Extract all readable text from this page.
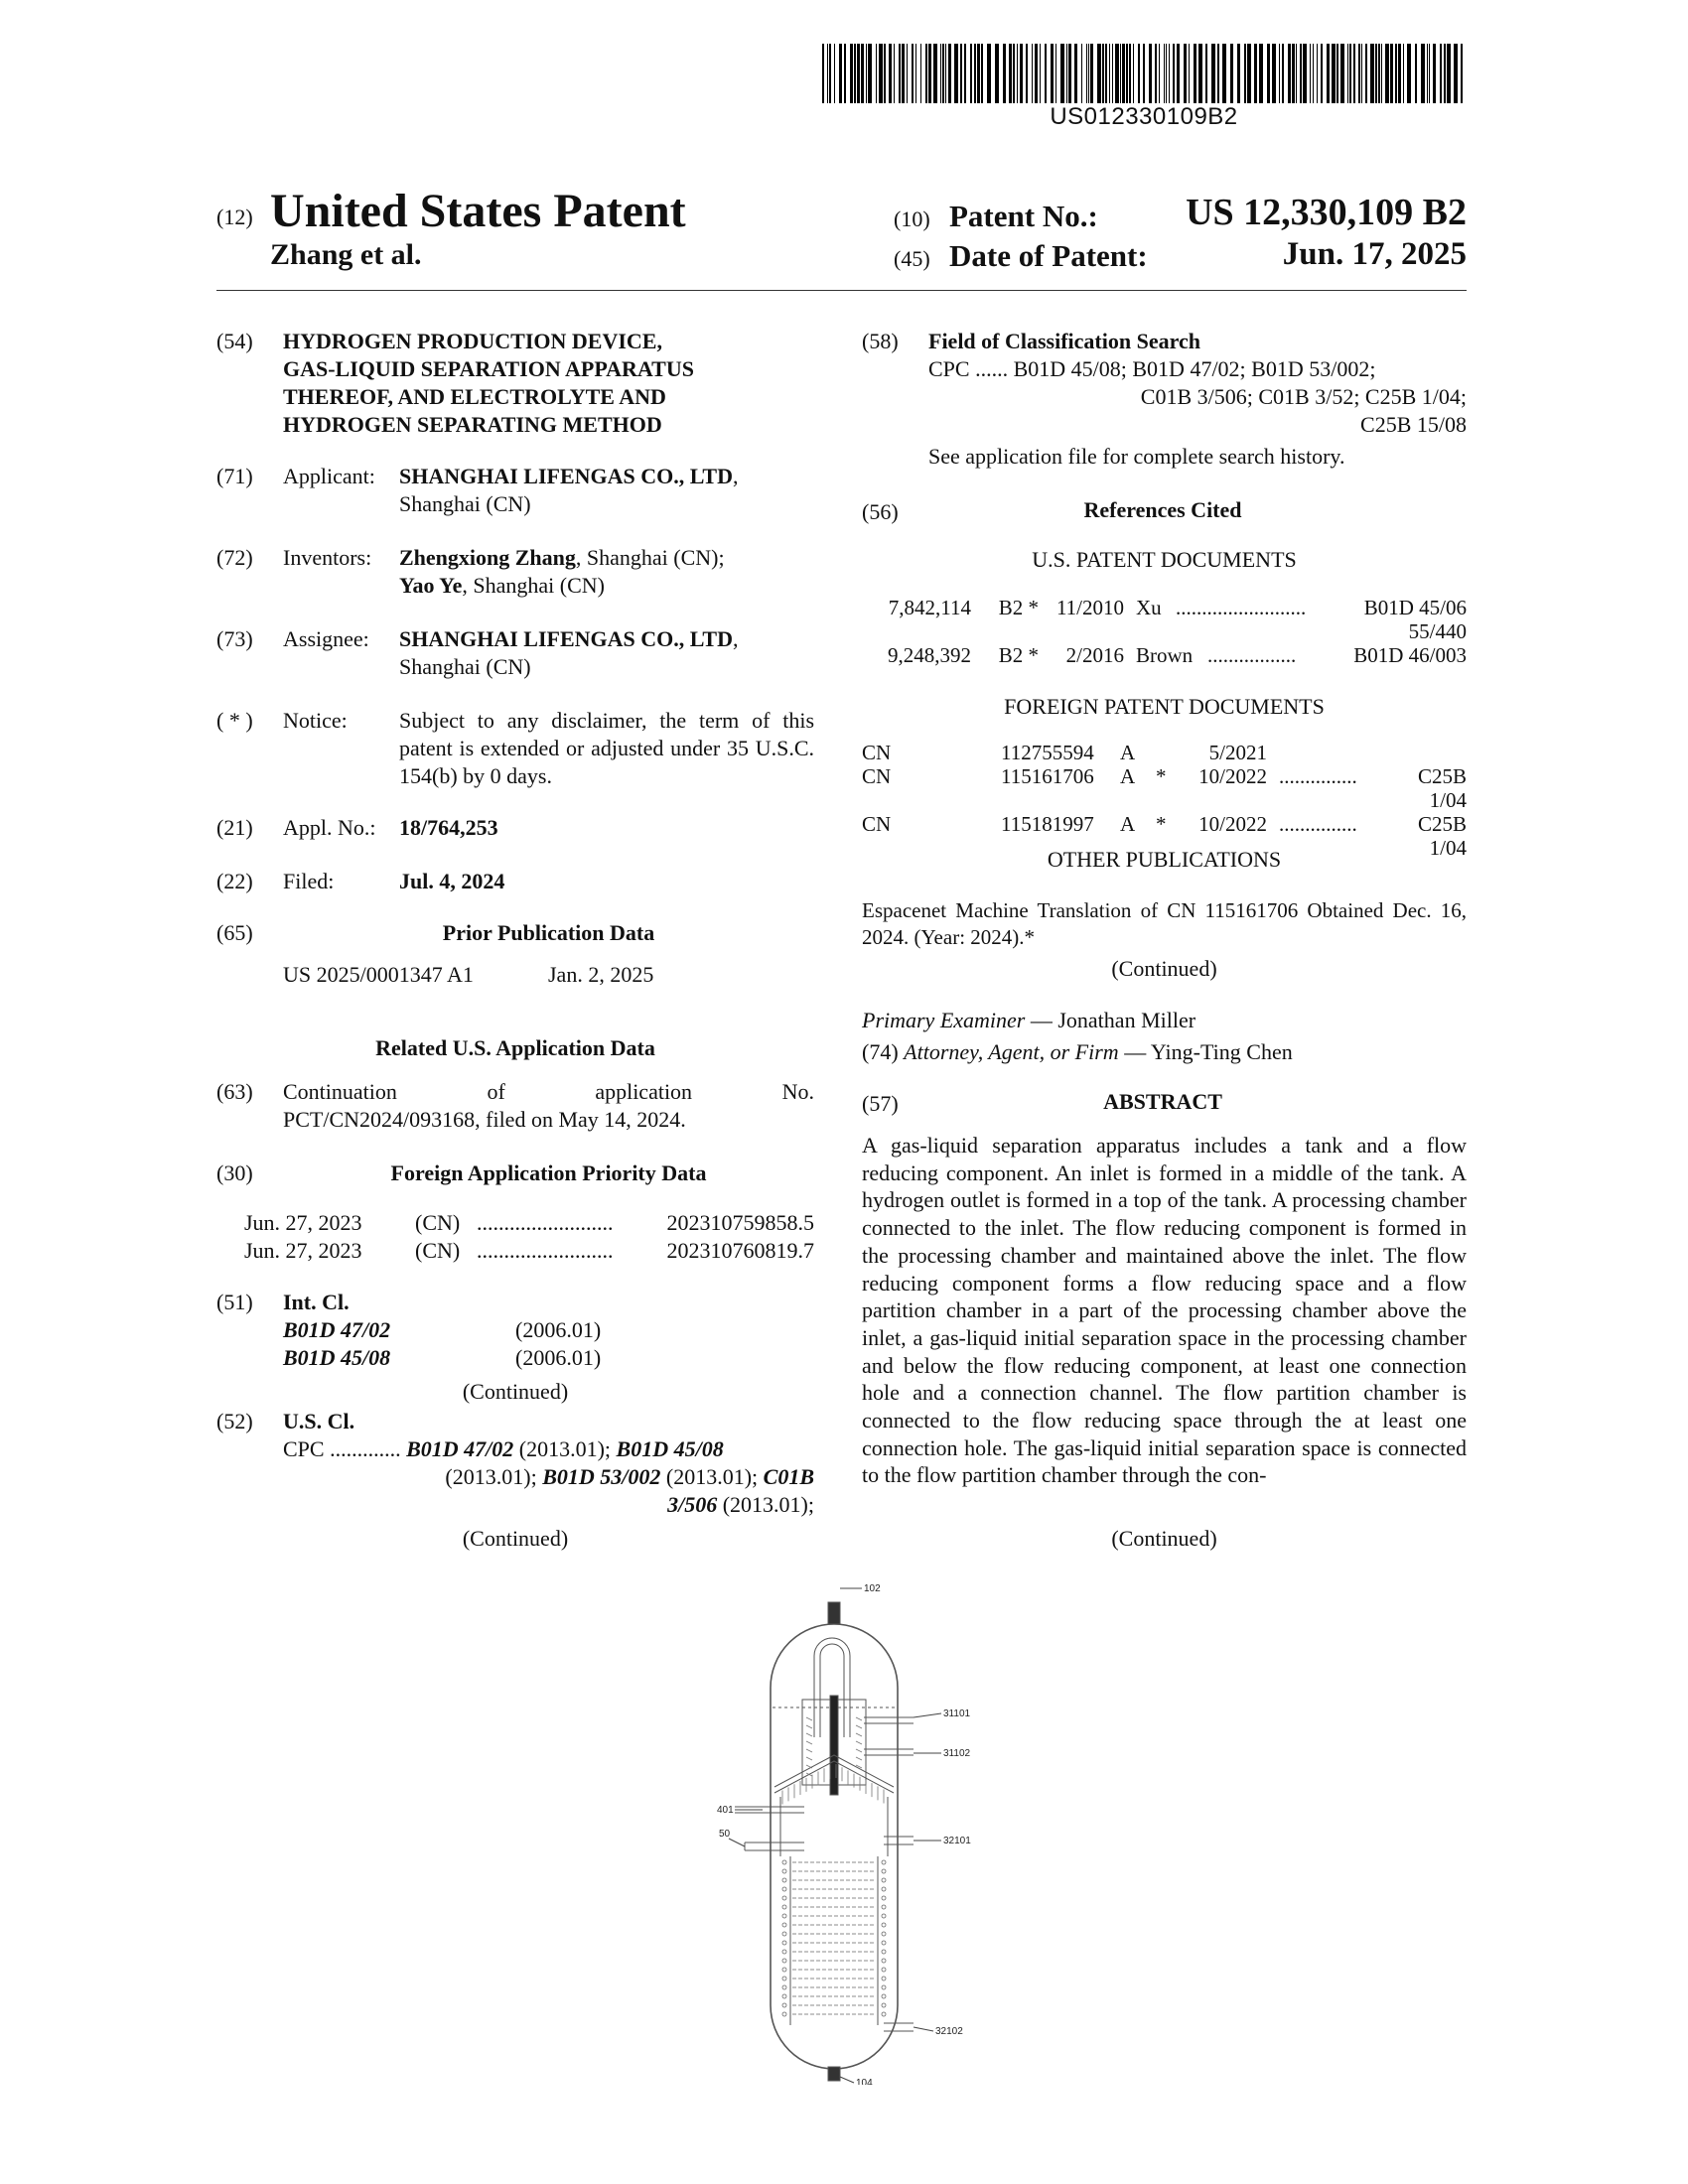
US012330109B2
(12) United States Patent
Zhang et al.
(10) Patent No.:	US 12,330,109 B2
(45) Date of Patent:	Jun. 17, 2025
(54) HYDROGEN PRODUCTION DEVICE,
GAS-LIQUID SEPARATION APPARATUS
THEREOF, AND ELECTROLYTE AND
HYDROGEN SEPARATING METHOD
(71) Applicant: SHANGHAI LIFENGAS CO., LTD,
Shanghai (CN)
(72) Inventors: Zhengxiong Zhang, Shanghai (CN);
Yao Ye, Shanghai (CN)
(73) Assignee: SHANGHAI LIFENGAS CO., LTD,
Shanghai (CN)
( * ) Notice: Subject to any disclaimer, the term of this patent is extended or adjusted under 35 U.S.C. 154(b) by 0 days.
(21) Appl. No.: 18/764,253
(22) Filed:	Jul. 4, 2024
(65)	Prior Publication Data
US 2025/0001347 A1	Jan. 2, 2025
Related U.S. Application Data
(63) Continuation	of	application	No.
PCT/CN2024/093168, filed on May 14, 2024.
(30)	Foreign Application Priority Data
Jun. 27, 2023	(CN) .........................	202310759858.5
Jun. 27, 2023	(CN) .........................	202310760819.7
(51) Int. Cl.
B01D 47/02	(2006.01)
B01D 45/08	(2006.01)
(Continued)
(52) U.S. Cl.
CPC ............. B01D 47/02 (2013.01); B01D 45/08
(2013.01); B01D 53/002 (2013.01); C01B
3/506 (2013.01);
(Continued)
(58) Field of Classification Search
CPC ...... B01D 45/08; B01D 47/02; B01D 53/002;
C01B 3/506; C01B 3/52; C25B 1/04;
C25B 15/08
See application file for complete search history.
(56)	References Cited
U.S. PATENT DOCUMENTS
7,842,114	B2 * 11/2010 Xu .........................	B01D 45/06
55/440
9,248,392	B2 *	2/2016 Brown .................	B01D 46/003
FOREIGN PATENT DOCUMENTS
CN	112755594	A	5/2021
CN	115161706	A *	10/2022 ...............	C25B 1/04
CN	115181997	A *	10/2022 ...............	C25B 1/04
OTHER PUBLICATIONS
Espacenet Machine Translation of CN 115161706 Obtained Dec. 16, 2024. (Year: 2024).*
(Continued)
Primary Examiner — Jonathan Miller
(74) Attorney, Agent, or Firm — Ying-Ting Chen
(57)	ABSTRACT
A gas-liquid separation apparatus includes a tank and a flow reducing component. An inlet is formed in a middle of the tank. A hydrogen outlet is formed in a top of the tank. A processing chamber connected to the inlet. The flow reducing component is formed in the processing chamber and maintained above the inlet. The flow reducing component forms a flow reducing space and a flow partition chamber in a part of the processing chamber above the inlet, a gas-liquid initial separation space in the processing chamber and below the flow reducing component, at least one connection hole and a connection channel. The flow partition chamber is connected to the flow reducing space through the at least one connection hole. The gas-liquid initial separation space is connected to the flow partition chamber through the con-
(Continued)
102
31101
31102
401
50
32101
32102
104
